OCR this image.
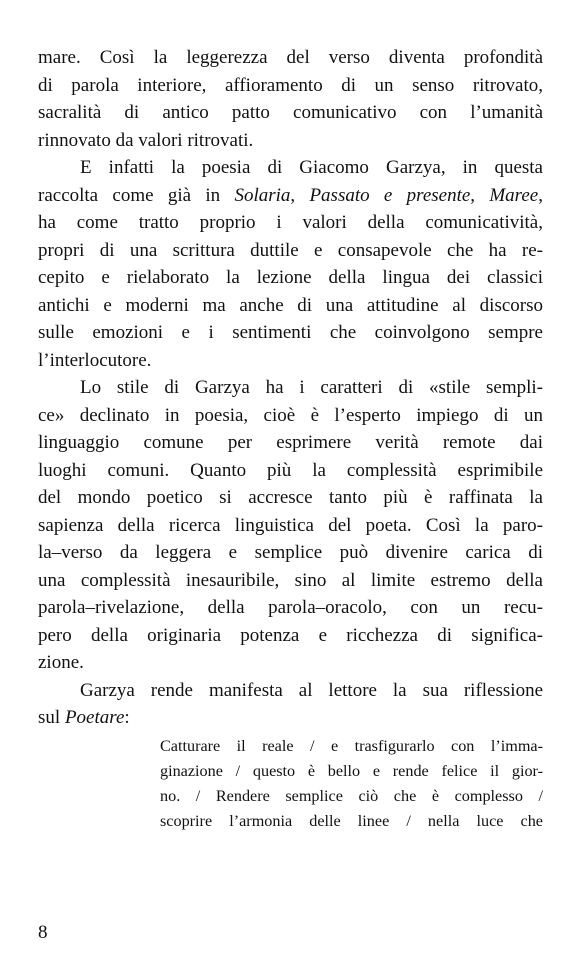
mare. Così la leggerezza del verso diventa profondità
di parola interiore, affioramento di un senso ritrovato,
sacralità di antico patto comunicativo con l’umanità
rinnovato da valori ritrovati.
E infatti la poesia di Giacomo Garzya, in questa
raccolta come già in Solaria, Passato e presente, Maree,
ha come tratto proprio i valori della comunicatività,
propri di una scrittura duttile e consapevole che ha re-
cepito e rielaborato la lezione della lingua dei classici
antichi e moderni ma anche di una attitudine al discorso
sulle emozioni e i sentimenti che coinvolgono sempre
l’interlocutore.
Lo stile di Garzya ha i caratteri di «stile sempli-
ce» declinato in poesia, cioè è l’esperto impiego di un
linguaggio comune per esprimere verità remote dai
luoghi comuni. Quanto più la complessità esprimibile
del mondo poetico si accresce tanto più è raffinata la
sapienza della ricerca linguistica del poeta. Così la paro-
la–verso da leggera e semplice può divenire carica di
una complessità inesauribile, sino al limite estremo della
parola–rivelazione, della parola–oracolo, con un recu-
pero della originaria potenza e ricchezza di significa-
zione.
Garzya rende manifesta al lettore la sua riflessione
sul Poetare:
Catturare il reale / e trasfigurarlo con l’imma-
ginazione / questo è bello e rende felice il gior-
no. / Rendere semplice ciò che è complesso /
scoprire l’armonia delle linee / nella luce che
8
